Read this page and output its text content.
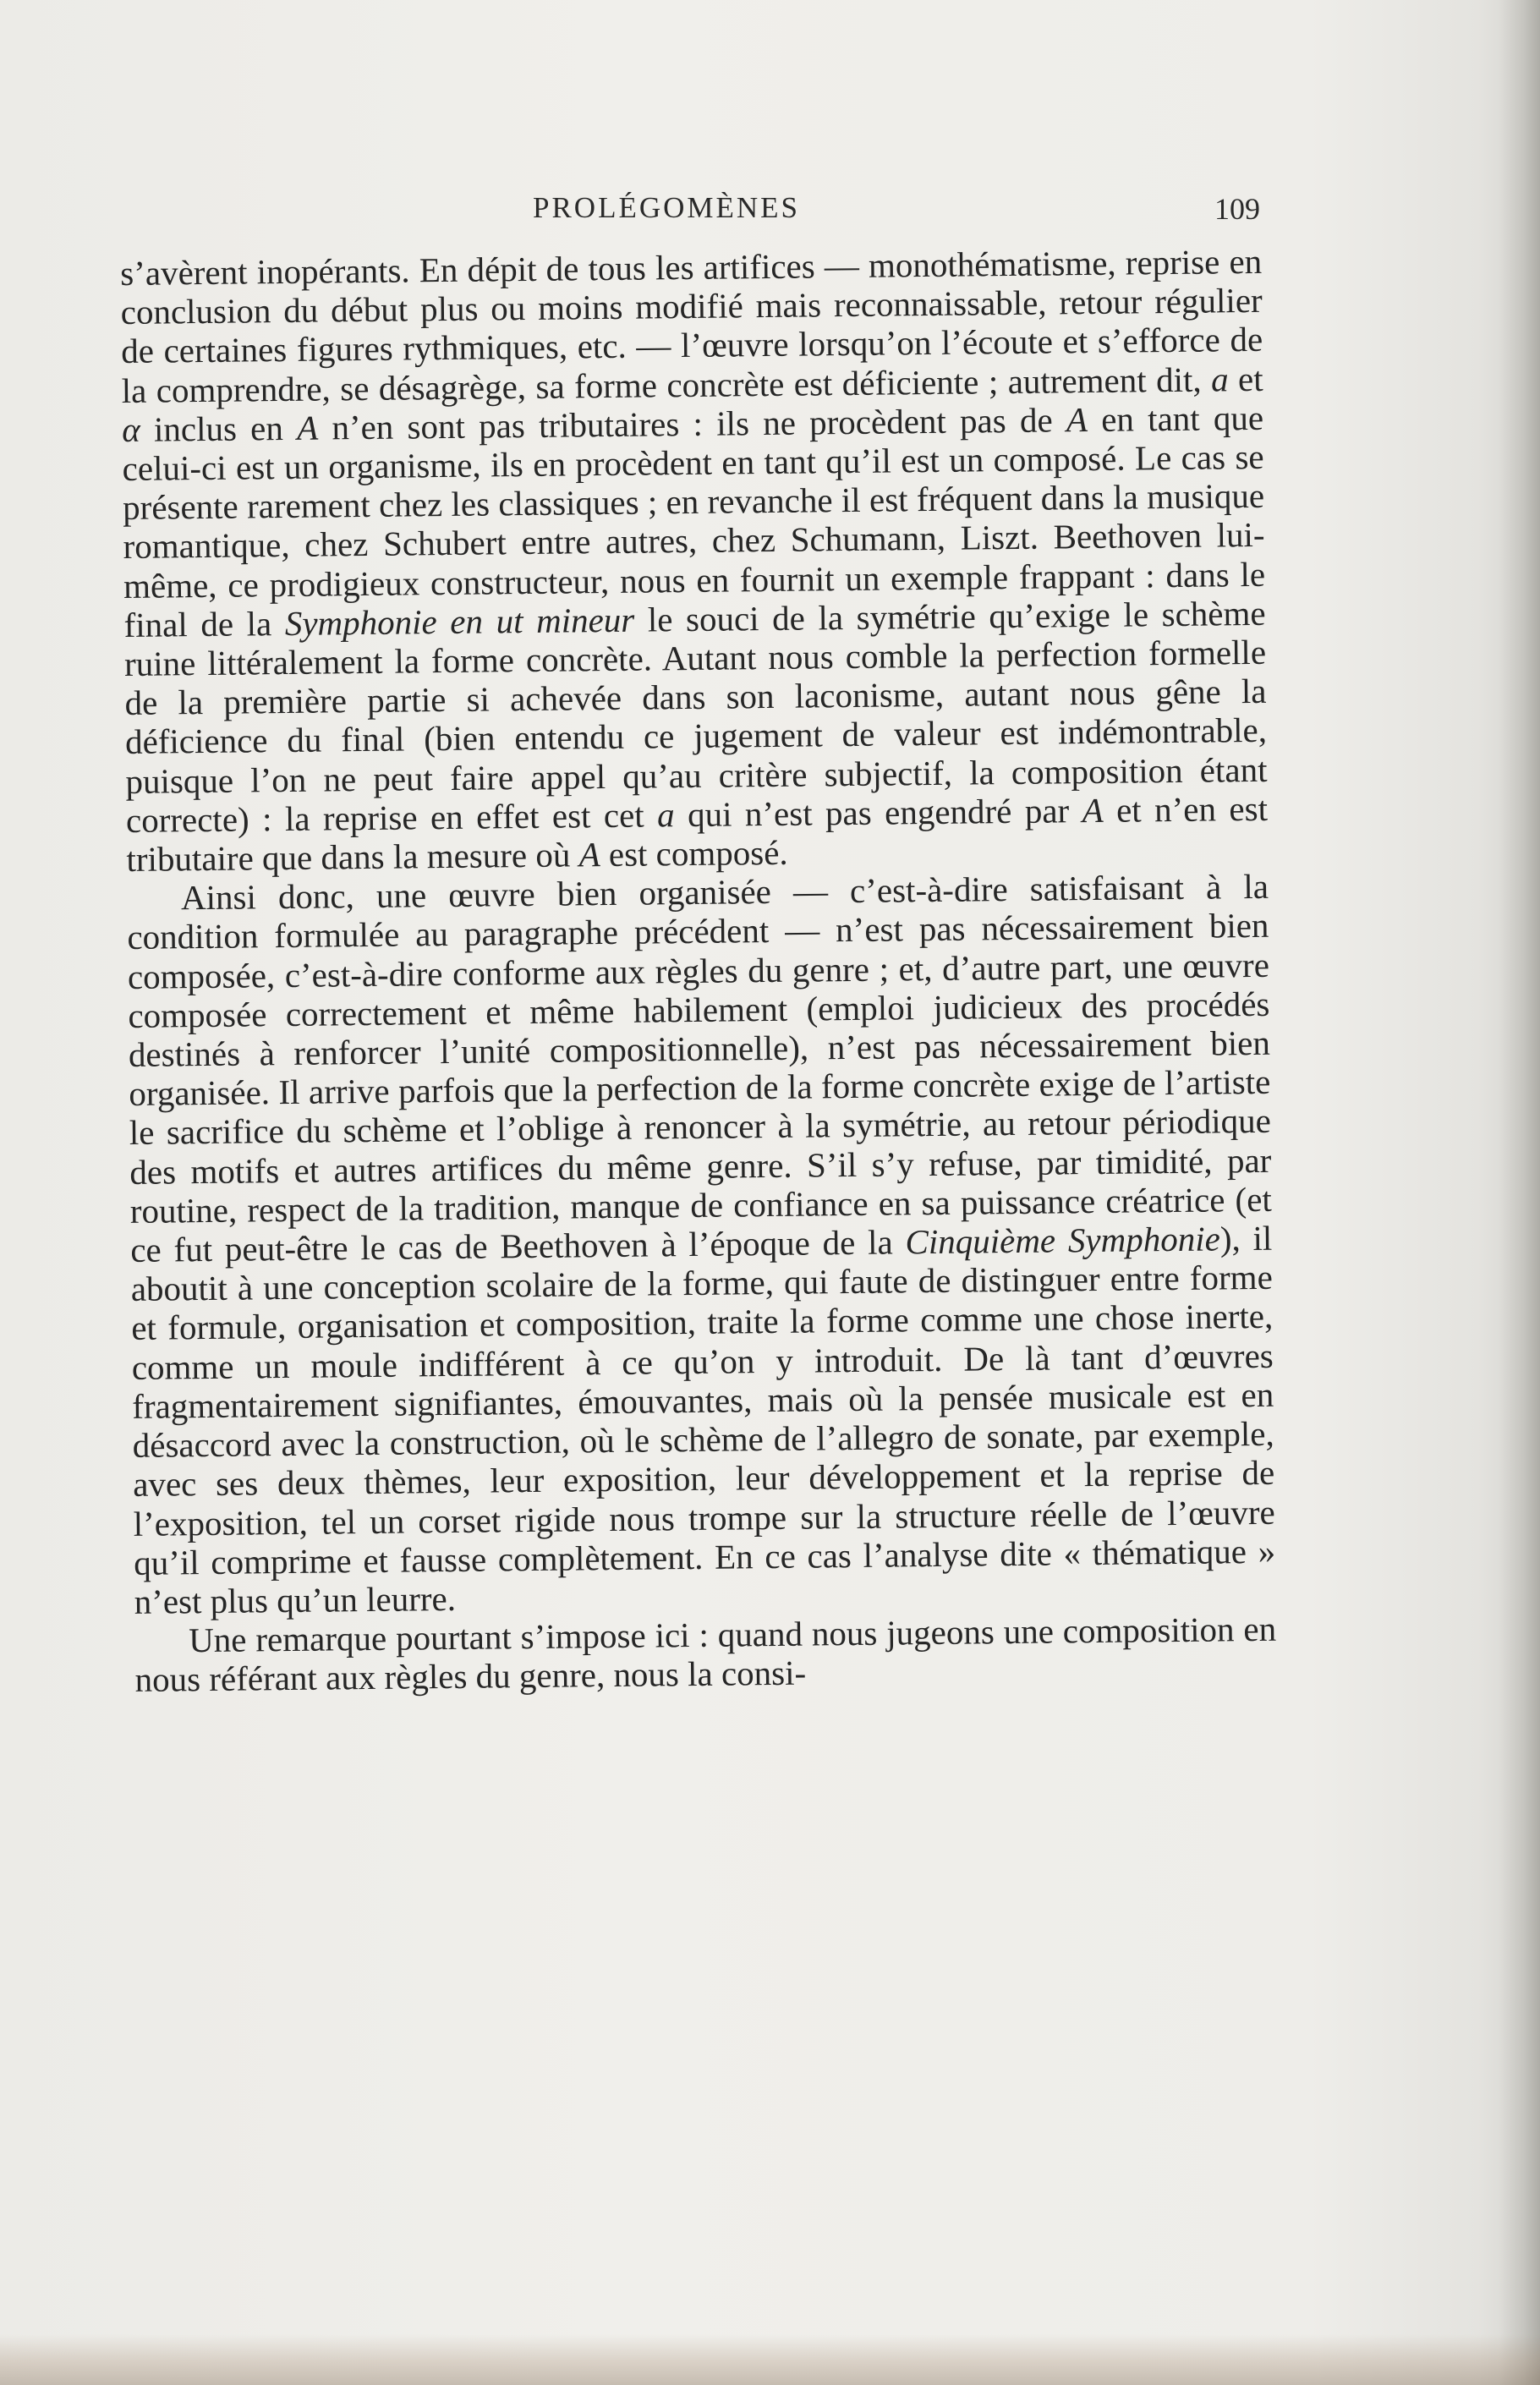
PROLÉGOMÈNES	109

s’avèrent inopérants. En dépit de tous les artifices — monothématisme, reprise en conclusion du début plus ou moins modifié mais reconnaissable, retour régulier de certaines figures rythmiques, etc. — l’œuvre lorsqu’on l’écoute et s’efforce de la comprendre, se désagrège, sa forme concrète est déficiente ; autrement dit, a et α inclus en A n’en sont pas tributaires : ils ne procèdent pas de A en tant que celui-ci est un organisme, ils en procèdent en tant qu’il est un composé. Le cas se présente rarement chez les classiques ; en revanche il est fréquent dans la musique romantique, chez Schubert entre autres, chez Schumann, Liszt. Beethoven lui-même, ce prodigieux constructeur, nous en fournit un exemple frappant : dans le final de la Symphonie en ut mineur le souci de la symétrie qu’exige le schème ruine littéralement la forme concrète. Autant nous comble la perfection formelle de la première partie si achevée dans son laconisme, autant nous gêne la déficience du final (bien entendu ce jugement de valeur est indémontrable, puisque l’on ne peut faire appel qu’au critère subjectif, la composition étant correcte) : la reprise en effet est cet a qui n’est pas engendré par A et n’en est tributaire que dans la mesure où A est composé.

Ainsi donc, une œuvre bien organisée — c’est-à-dire satisfaisant à la condition formulée au paragraphe précédent — n’est pas nécessairement bien composée, c’est-à-dire conforme aux règles du genre ; et, d’autre part, une œuvre composée correctement et même habilement (emploi judicieux des procédés destinés à renforcer l’unité compositionnelle), n’est pas nécessairement bien organisée. Il arrive parfois que la perfection de la forme concrète exige de l’artiste le sacrifice du schème et l’oblige à renoncer à la symétrie, au retour périodique des motifs et autres artifices du même genre. S’il s’y refuse, par timidité, par routine, respect de la tradition, manque de confiance en sa puissance créatrice (et ce fut peut-être le cas de Beethoven à l’époque de la Cinquième Symphonie), il aboutit à une conception scolaire de la forme, qui faute de distinguer entre forme et formule, organisation et composition, traite la forme comme une chose inerte, comme un moule indifférent à ce qu’on y introduit. De là tant d’œuvres fragmentairement signifiantes, émouvantes, mais où la pensée musicale est en désaccord avec la construction, où le schème de l’allegro de sonate, par exemple, avec ses deux thèmes, leur exposition, leur développement et la reprise de l’exposition, tel un corset rigide nous trompe sur la structure réelle de l’œuvre qu’il comprime et fausse complètement. En ce cas l’analyse dite « thématique » n’est plus qu’un leurre.

Une remarque pourtant s’impose ici : quand nous jugeons une composition en nous référant aux règles du genre, nous la consi-
